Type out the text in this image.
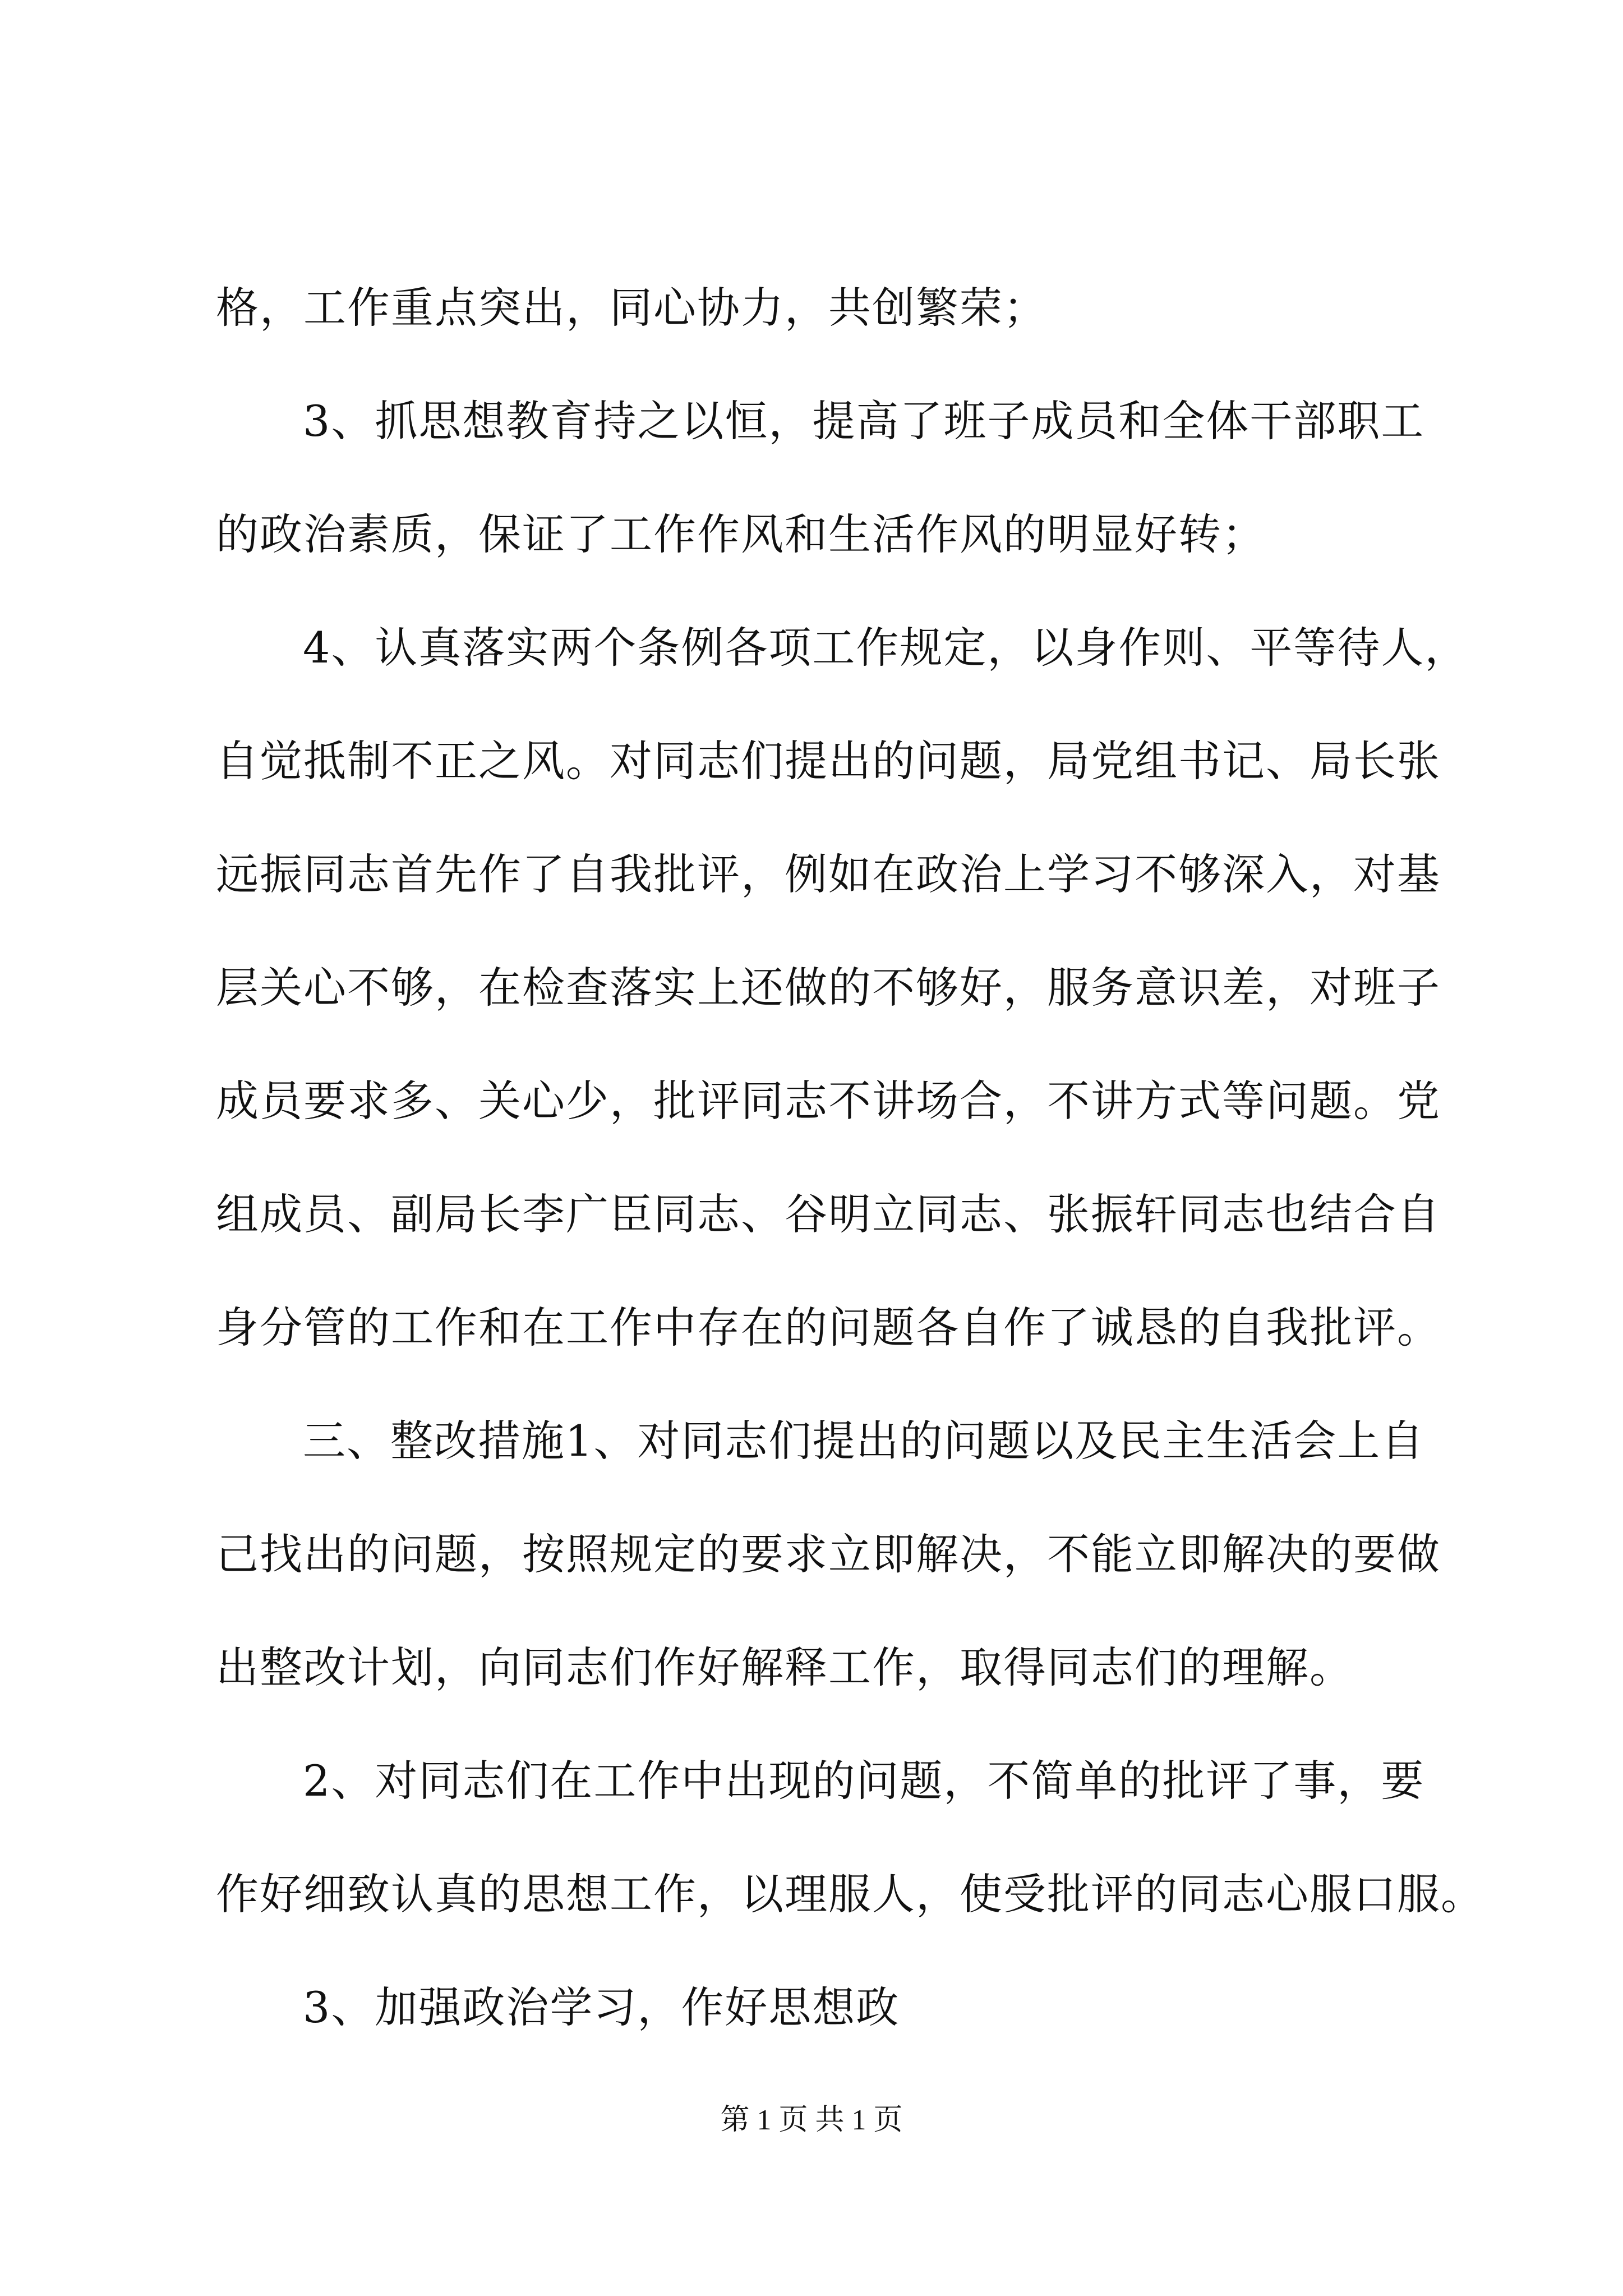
格，工作重点突出，同心协力，共创繁荣；
3、抓思想教育持之以恒，提高了班子成员和全体干部职工
的政治素质，保证了工作作风和生活作风的明显好转；
4、认真落实两个条例各项工作规定，以身作则、平等待人，
自觉抵制不正之风。对同志们提出的问题，局党组书记、局长张
远振同志首先作了自我批评，例如在政治上学习不够深入，对基
层关心不够，在检查落实上还做的不够好，服务意识差，对班子
成员要求多、关心少，批评同志不讲场合，不讲方式等问题。党
组成员、副局长李广臣同志、谷明立同志、张振轩同志也结合自
身分管的工作和在工作中存在的问题各自作了诚恳的自我批评。
三、整改措施1、对同志们提出的问题以及民主生活会上自
己找出的问题，按照规定的要求立即解决，不能立即解决的要做
出整改计划，向同志们作好解释工作，取得同志们的理解。
2、对同志们在工作中出现的问题，不简单的批评了事，要
作好细致认真的思想工作，以理服人，使受批评的同志心服口服。
3、加强政治学习，作好思想政
第 1 页 共 1 页
